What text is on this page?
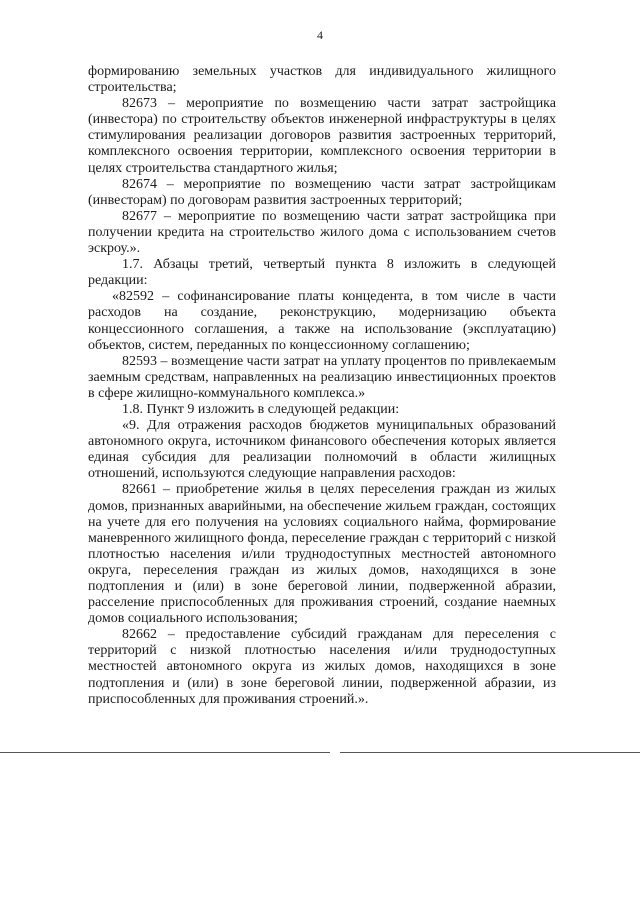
4

формированию земельных участков для индивидуального жилищного строительства;

82673 – мероприятие по возмещению части затрат застройщика (инвестора) по строительству объектов инженерной инфраструктуры в целях стимулирования реализации договоров развития застроенных территорий, комплексного освоения территории, комплексного освоения территории в целях строительства стандартного жилья;

82674 – мероприятие по возмещению части затрат застройщикам (инвесторам) по договорам развития застроенных территорий;

82677 – мероприятие по возмещению части затрат застройщика при получении кредита на строительство жилого дома с использованием счетов эскроу.».

1.7. Абзацы третий, четвертый пункта 8 изложить в следующей редакции:

«82592 – софинансирование платы концедента, в том числе в части расходов на создание, реконструкцию, модернизацию объекта концессионного соглашения, а также на использование (эксплуатацию) объектов, систем, переданных по концессионному соглашению;

82593 – возмещение части затрат на уплату процентов по привлекаемым заемным средствам, направленных на реализацию инвестиционных проектов в сфере жилищно-коммунального комплекса.»

1.8. Пункт 9 изложить в следующей редакции:

«9. Для отражения расходов бюджетов муниципальных образований автономного округа, источником финансового обеспечения которых является единая субсидия для реализации полномочий в области жилищных отношений, используются следующие направления расходов:

82661 – приобретение жилья в целях переселения граждан из жилых домов, признанных аварийными, на обеспечение жильем граждан, состоящих на учете для его получения на условиях социального найма, формирование маневренного жилищного фонда, переселение граждан с территорий с низкой плотностью населения и/или труднодоступных местностей автономного округа, переселения граждан из жилых домов, находящихся в зоне подтопления и (или) в зоне береговой линии, подверженной абразии, расселение приспособленных для проживания строений, создание наемных домов социального использования;

82662 – предоставление субсидий гражданам для переселения с территорий с низкой плотностью населения и/или труднодоступных местностей автономного округа из жилых домов, находящихся в зоне подтопления и (или) в зоне береговой линии, подверженной абразии, из приспособленных для проживания строений.».
